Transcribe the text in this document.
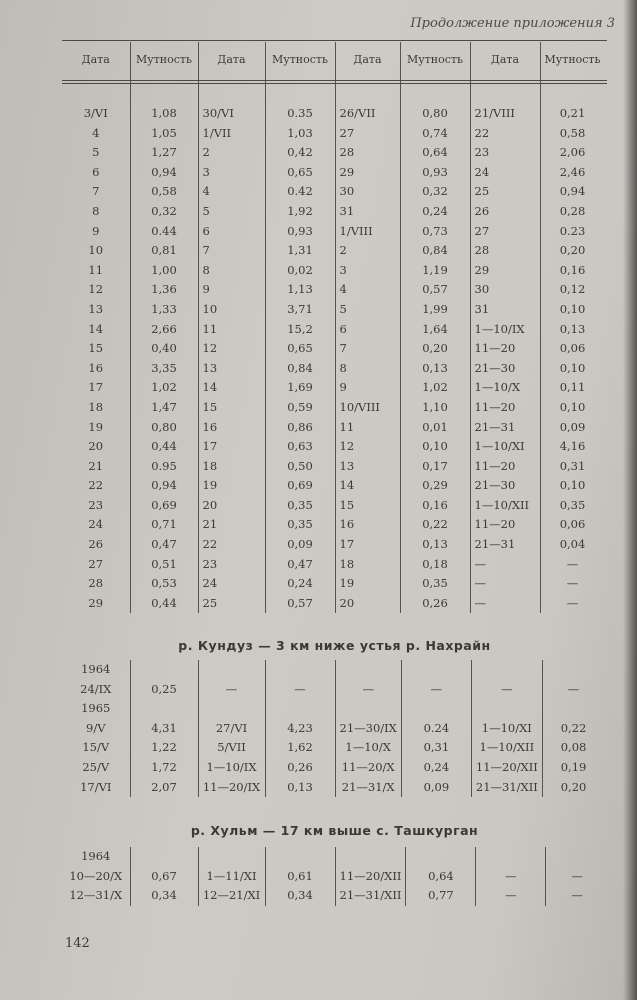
Продолжение приложения 3
Дата	Мутность	Дата	Мутность	Дата	Мутность	Дата	Мутность
3/VI	1,08	30/VI	0.35	26/VII	0,80	21/VIII	0,21
4	1,05	1/VII	1,03	27	0,74	22	0,58
5	1,27	2	0,42	28	0,64	23	2,06
6	0,94	3	0,65	29	0,93	24	2,46
7	0,58	4	0.42	30	0,32	25	0,94
8	0,32	5	1,92	31	0,24	26	0,28
9	0.44	6	0,93	1/VIII	0,73	27	0.23
10	0,81	7	1,31	2	0,84	28	0,20
11	1,00	8	0,02	3	1,19	29	0,16
12	1,36	9	1,13	4	0,57	30	0,12
13	1,33	10	3,71	5	1,99	31	0,10
14	2,66	11	15,2	6	1,64	1—10/IX	0,13
15	0,40	12	0,65	7	0,20	11—20	0,06
16	3,35	13	0,84	8	0,13	21—30	0,10
17	1,02	14	1,69	9	1,02	1—10/X	0,11
18	1,47	15	0,59	10/VIII	1,10	11—20	0,10
19	0,80	16	0,86	11	0,01	21—31	0,09
20	0,44	17	0,63	12	0,10	1—10/XI	4,16
21	0.95	18	0,50	13	0,17	11—20	0,31
22	0,94	19	0,69	14	0,29	21—30	0,10
23	0,69	20	0,35	15	0,16	1—10/XII	0,35
24	0,71	21	0,35	16	0,22	11—20	0,06
26	0,47	22	0,09	17	0,13	21—31	0,04
27	0,51	23	0,47	18	0,18	—	—
28	0,53	24	0,24	19	0,35	—	—
29	0,44	25	0,57	20	0,26	—	—
р. Кундуз — 3 км ниже устья р. Нахрайн
1964							
24/IX	0,25	—	—	—	—	—	—
1965							
9/V	4,31	27/VI	4,23	21—30/IX	0.24	1—10/XI	0,22
15/V	1,22	5/VII	1,62	1—10/X	0,31	1—10/XII	0,08
25/V	1,72	1—10/IX	0,26	11—20/X	0,24	11—20/XII	0,19
17/VI	2,07	11—20/IX	0,13	21—31/X	0,09	21—31/XII	0,20
р. Хульм — 17 км выше с. Ташкурган
1964							
10—20/X	0,67	1—11/XI	0,61	11—20/XII	0,64	—	—
12—31/X	0,34	12—21/XI	0,34	21—31/XII	0,77	—	—
142
